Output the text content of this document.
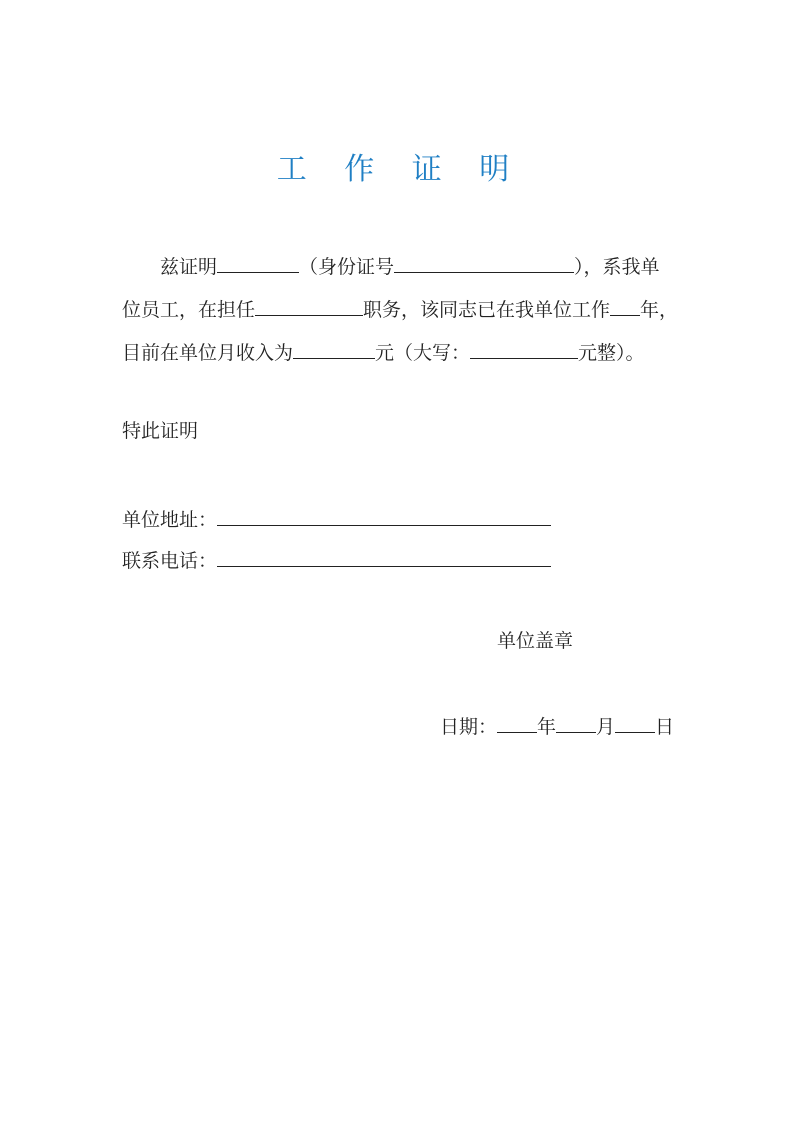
工 作 证 明
兹证明	（身份证号	），系我单
位员工，在担任	职务，该同志已在我单位工作 年，
目前在单位月收入为	元（大写：	元整）。
特此证明
单位地址：
联系电话：
单位盖章
日期： 年 月 日
